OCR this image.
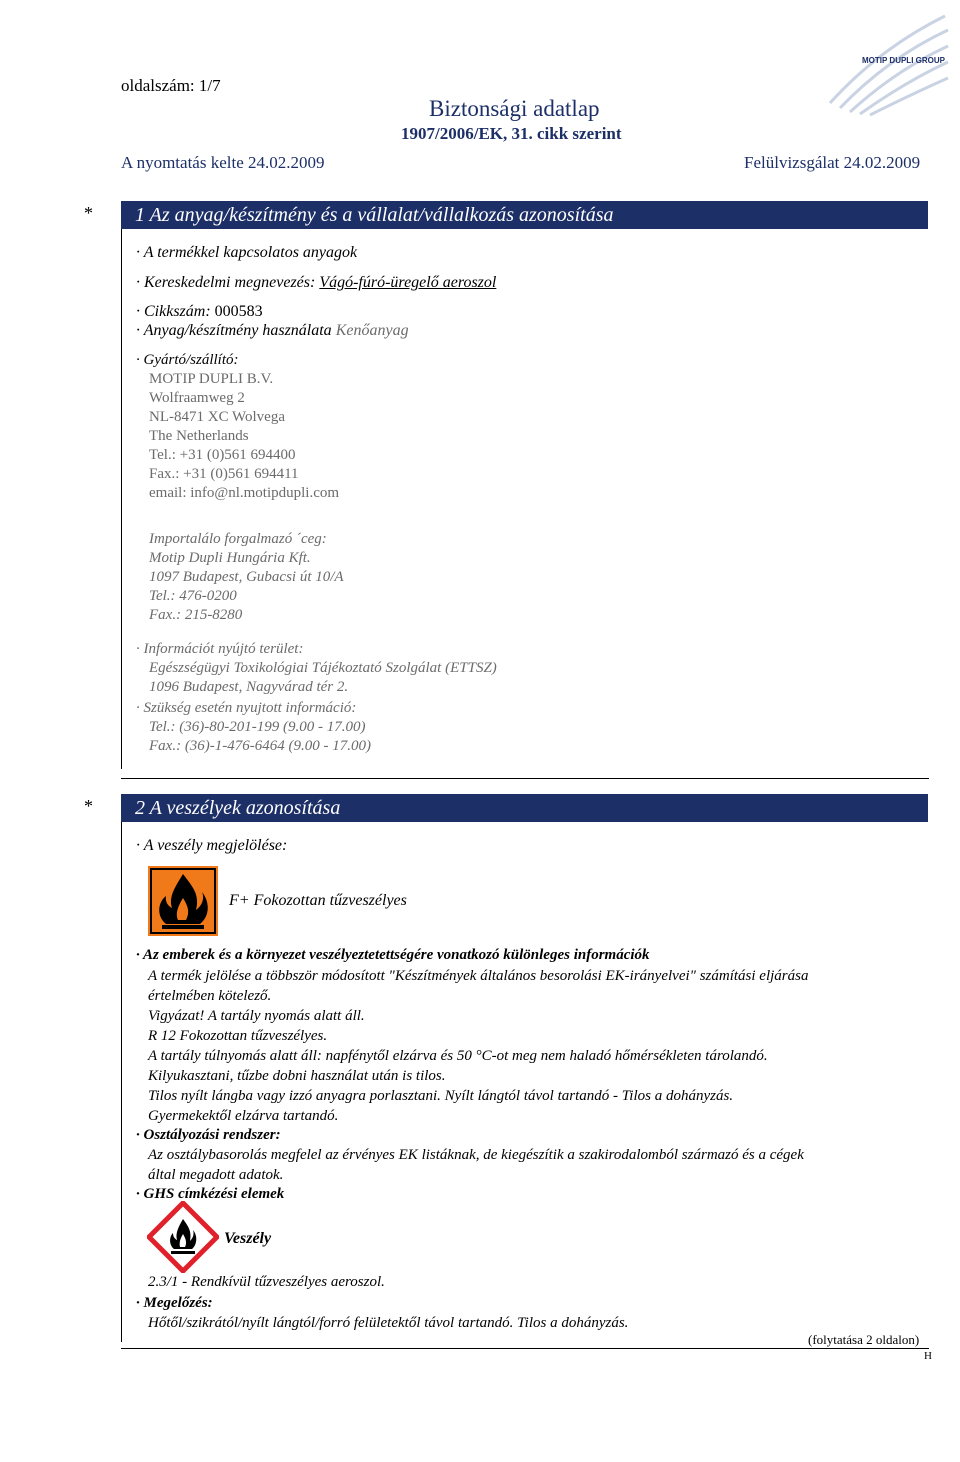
oldalszám: 1/7
Biztonsági adatlap
1907/2006/EK, 31. cikk szerint
A nyomtatás kelte 24.02.2009	Felülvizsgálat 24.02.2009
MOTIP DUPLI GROUP
*	1 Az anyag/készítmény és a vállalat/vállalkozás azonosítása
· A termékkel kapcsolatos anyagok
· Kereskedelmi megnevezés: Vágó-fúró-üregelő aeroszol
· Cikkszám: 000583
· Anyag/készítmény használata Kenőanyag
· Gyártó/szállító:
MOTIP DUPLI B.V.
Wolfraamweg 2
NL-8471 XC Wolvega
The Netherlands
Tel.: +31 (0)561 694400
Fax.: +31 (0)561 694411
email: info@nl.motipdupli.com
Importalálo forgalmazó ´ceg:
Motip Dupli Hungária Kft.
1097 Budapest, Gubacsi út 10/A
Tel.: 476-0200
Fax.: 215-8280
· Információt nyújtó terület:
Egészségügyi Toxikológiai Tájékoztató Szolgálat (ETTSZ)
1096 Budapest, Nagyvárad tér 2.
· Szükség esetén nyujtott információ:
Tel.: (36)-80-201-199 (9.00 - 17.00)
Fax.: (36)-1-476-6464 (9.00 - 17.00)
*	2 A veszélyek azonosítása
· A veszély megjelölése:
F+ Fokozottan tűzveszélyes
· Az emberek és a környezet veszélyeztetettségére vonatkozó különleges információk
A termék jelölése a többször módosított "Készítmények általános besorolási EK-irányelvei" számítási eljárása
értelmében kötelező.
Vigyázat! A tartály nyomás alatt áll.
R 12 Fokozottan tűzveszélyes.
A tartály túlnyomás alatt áll: napfénytől elzárva és 50 °C-ot meg nem haladó hőmérsékleten tárolandó.
Kilyukasztani, tűzbe dobni használat után is tilos.
Tilos nyílt lángba vagy izzó anyagra porlasztani. Nyílt lángtól távol tartandó - Tilos a dohányzás.
Gyermekektől elzárva tartandó.
· Osztályozási rendszer:
Az osztálybasorolás megfelel az érvényes EK listáknak, de kiegészítik a szakirodalomból származó és a cégek
által megadott adatok.
· GHS címkézési elemek
Veszély
2.3/1 - Rendkívül tűzveszélyes aeroszol.
· Megelőzés:
Hőtől/szikrától/nyílt lángtól/forró felületektől távol tartandó. Tilos a dohányzás.
(folytatása 2 oldalon)
H
